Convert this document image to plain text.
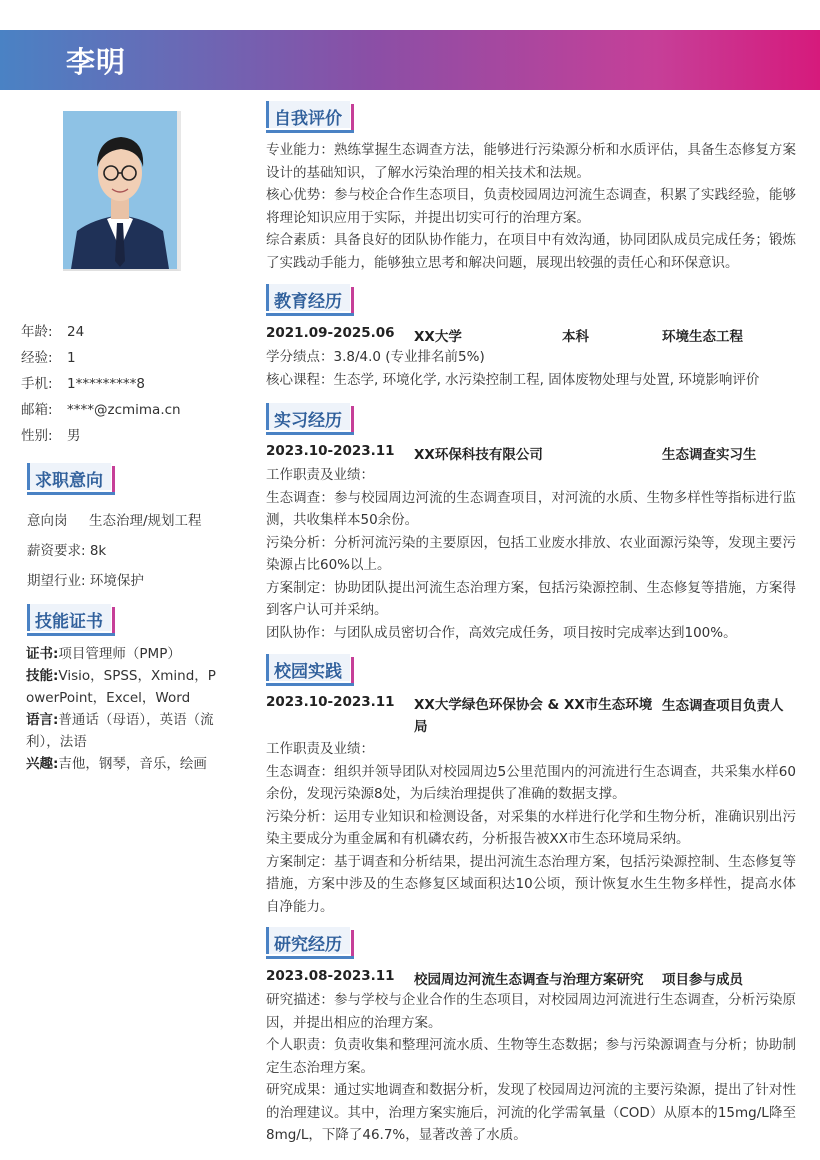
李明
年龄: 24
经验: 1
手机: 1*********8
邮箱: ****@zcmima.cn
性别: 男
求职意向
意向岗     生态治理/规划工程
薪资要求: 8k
期望行业: 环境保护
技能证书
证书:项目管理师（PMP）
技能:Visio，SPSS，Xmind，PowerPoint，Excel，Word
语言:普通话（母语），英语（流利），法语
兴趣:吉他，钢琴，音乐，绘画
自我评价

专业能力：熟练掌握生态调查方法，能够进行污染源分析和水质评估，具备生态修复方案设计的基础知识，了解水污染治理的相关技术和法规。

核心优势：参与校企合作生态项目，负责校园周边河流生态调查，积累了实践经验，能够将理论知识应用于实际，并提出切实可行的治理方案。

综合素质：具备良好的团队协作能力，在项目中有效沟通，协同团队成员完成任务；锻炼了实践动手能力，能够独立思考和解决问题，展现出较强的责任心和环保意识。

教育经历
2021.09-2025.06 XX大学	本科	环境生态工程

学分绩点：3.8/4.0 (专业排名前5%)

核心课程：生态学, 环境化学, 水污染控制工程, 固体废物处理与处置, 环境影响评价

实习经历
2023.10-2023.11 XX环保科技有限公司	生态调查实习生

工作职责及业绩：

生态调查：参与校园周边河流的生态调查项目，对河流的水质、生物多样性等指标进行监测，共收集样本50余份。

污染分析：分析河流污染的主要原因，包括工业废水排放、农业面源污染等，发现主要污染源占比60%以上。

方案制定：协助团队提出河流生态治理方案，包括污染源控制、生态修复等措施，方案得到客户认可并采纳。

团队协作：与团队成员密切合作，高效完成任务，项目按时完成率达到100%。

校园实践
2023.10-2023.11 XX大学绿色环保协会 & XX市生态环境局
生态调查项目负责人

工作职责及业绩：

生态调查：组织并领导团队对校园周边5公里范围内的河流进行生态调查，共采集水样60余份，发现污染源8处，为后续治理提供了准确的数据支撑。

污染分析：运用专业知识和检测设备，对采集的水样进行化学和生物分析，准确识别出污染主要成分为重金属和有机磷农药，分析报告被XX市生态环境局采纳。

方案制定：基于调查和分析结果，提出河流生态治理方案，包括污染源控制、生态修复等措施，方案中涉及的生态修复区域面积达10公顷，预计恢复水生生物多样性，提高水体自净能力。

研究经历
2023.08-2023.11 校园周边河流生态调查与治理方案研究 项目参与成员

研究描述：参与学校与企业合作的生态项目，对校园周边河流进行生态调查，分析污染原因，并提出相应的治理方案。

个人职责：负责收集和整理河流水质、生物等生态数据；参与污染源调查与分析；协助制定生态治理方案。

研究成果：通过实地调查和数据分析，发现了校园周边河流的主要污染源，提出了针对性的治理建议。其中，治理方案实施后，河流的化学需氧量（COD）从原本的15mg/L降至8mg/L，下降了46.7%，显著改善了水质。
